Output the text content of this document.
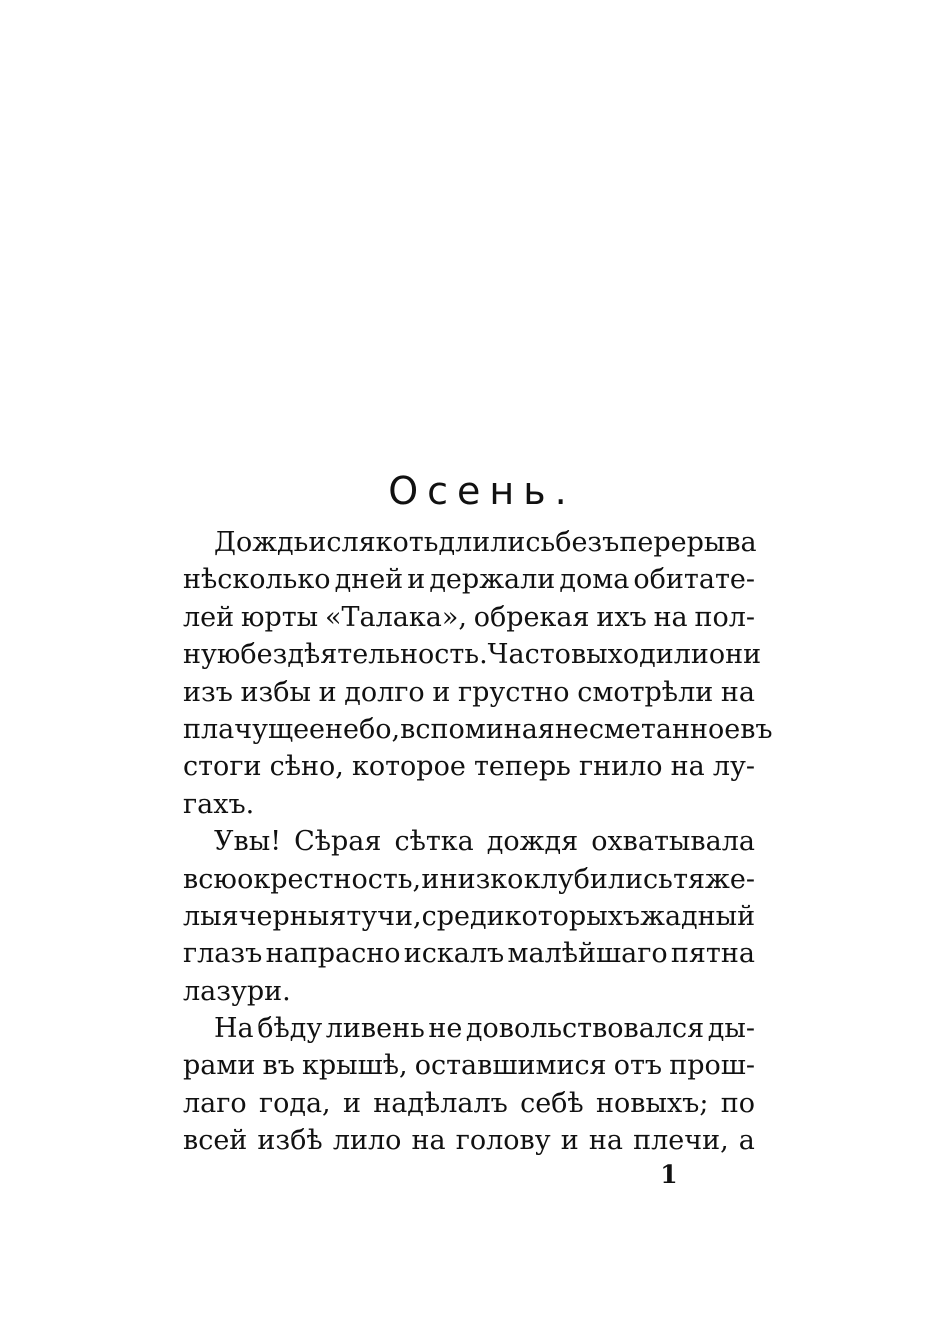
Осень.
Дождь и слякоть длились безъ перерыва
нѣсколько дней и держали дома обитате-
лей юрты «Талака», обрекая ихъ на пол-
ную бездѣятельность. Часто выходили они
изъ избы и долго и грустно смотрѣли на
плачущее небо, вспоминая не сметанное въ
стоги сѣно, которое теперь гнило на лу-
гахъ.
Увы! Сѣрая сѣтка дождя охватывала
всю окрестность, и низко клубились тяже-
лыя черныя тучи, среди которыхъ жадный
глазъ напрасно искалъ малѣйшаго пятна
лазури.
На бѣду ливень не довольствовался ды-
рами въ крышѣ, оставшимися отъ прош-
лаго года, и надѣлалъ себѣ новыхъ; по
всей избѣ лило на голову и на плечи, а
1
